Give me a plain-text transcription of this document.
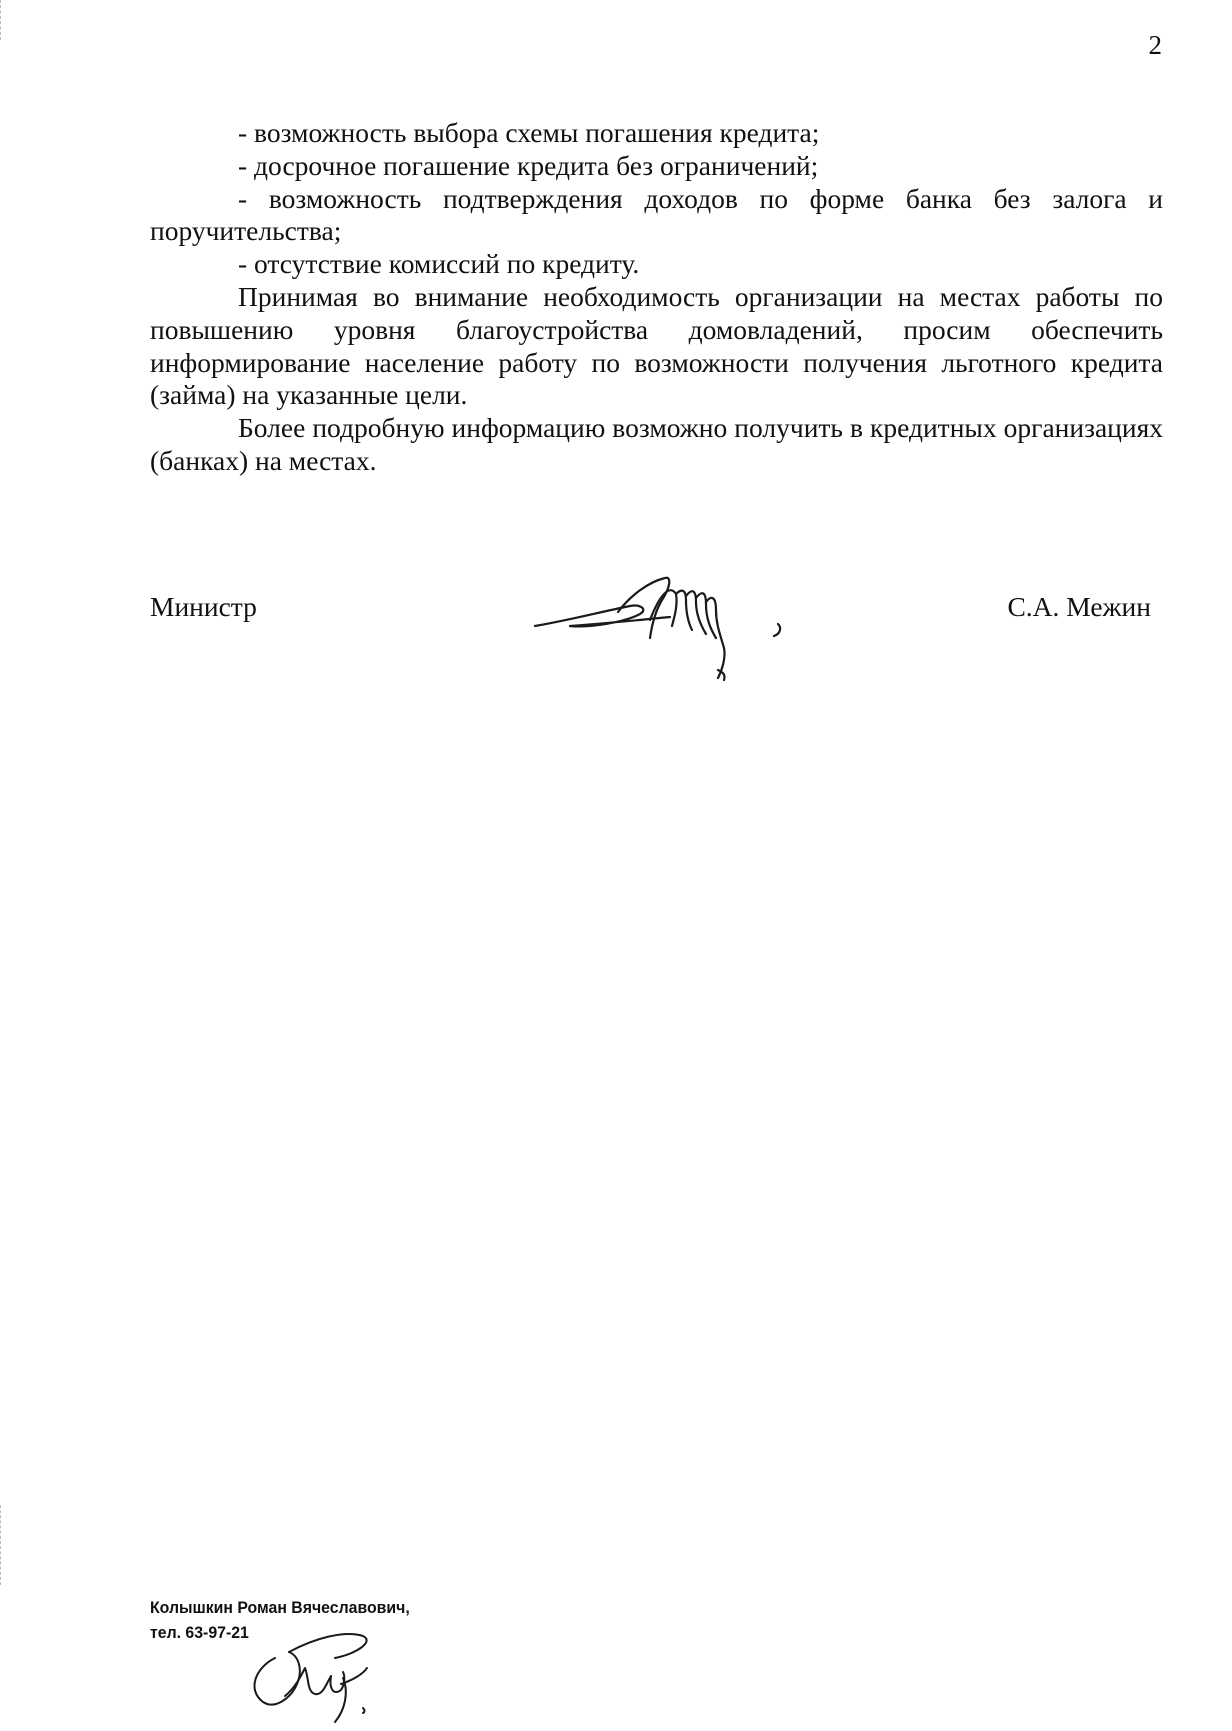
2

- возможность выбора схемы погашения кредита;

- досрочное погашение кредита без ограничений;

- возможность подтверждения доходов по форме банка без залога и поручительства;

- отсутствие комиссий по кредиту.

Принимая во внимание необходимость организации на местах работы по повышению уровня благоустройства домовладений, просим обеспечить информирование население работу по возможности получения льготного кредита (займа) на указанные цели.

Более подробную информацию возможно получить в кредитных организациях (банках) на местах.

Министр	С.А. Межин
Колышкин Роман Вячеславович,
тел. 63-97-21
